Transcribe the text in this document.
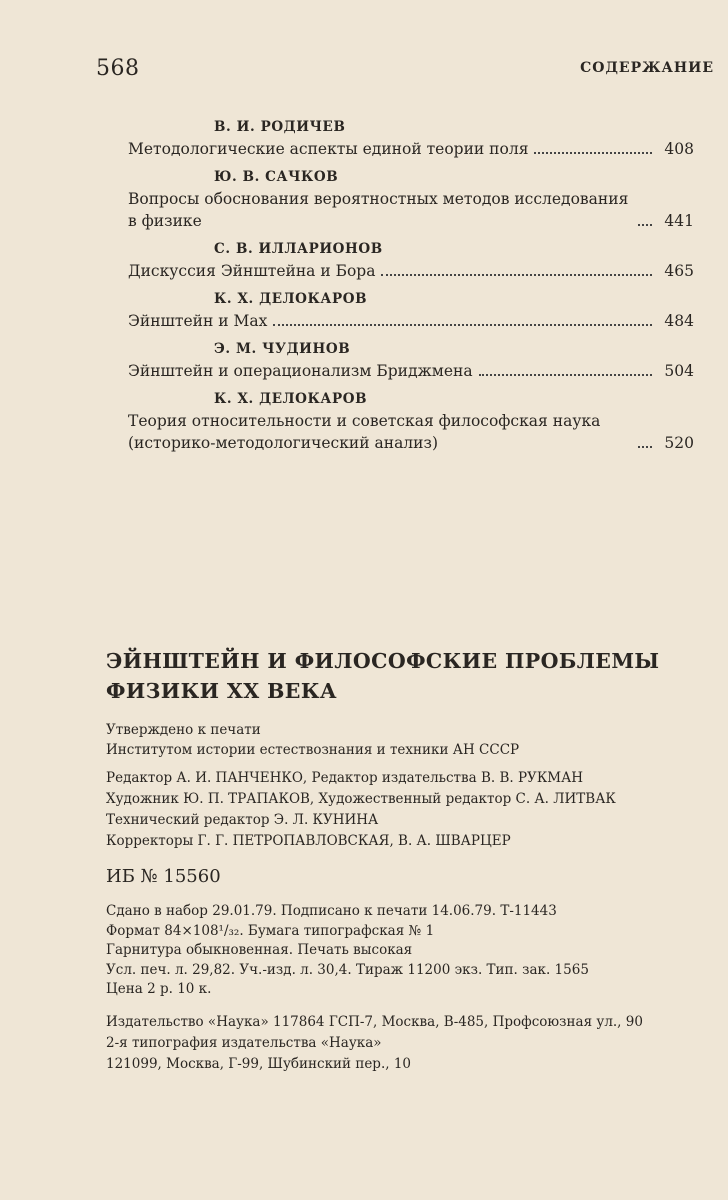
568	СОДЕРЖАНИЕ
В. И. РОДИЧЕВ
Методологические аспекты единой теории поля	408
Ю. В. САЧКОВ
Вопросы обоснования вероятностных методов исследования в физике	441
С. В. ИЛЛАРИОНОВ
Дискуссия Эйнштейна и Бора	465
К. Х. ДЕЛОКАРОВ
Эйнштейн и Мах	484
Э. М. ЧУДИНОВ
Эйнштейн и операционализм Бриджмена	504
К. Х. ДЕЛОКАРОВ
Теория относительности и советская философская наука (историко-методологический анализ)	520
ЭЙНШТЕЙН И ФИЛОСОФСКИЕ ПРОБЛЕМЫ
ФИЗИКИ XX ВЕКА
Утверждено к печати
Институтом истории естествознания и техники АН СССР
Редактор А. И. ПАНЧЕНКО, Редактор издательства В. В. РУКМАН
Художник Ю. П. ТРАПАКОВ, Художественный редактор С. А. ЛИТВАК
Технический редактор Э. Л. КУНИНА
Корректоры Г. Г. ПЕТРОПАВЛОВСКАЯ, В. А. ШВАРЦЕР
ИБ № 15560
Сдано в набор 29.01.79. Подписано к печати 14.06.79. Т-11443
Формат 84×108¹/₃₂. Бумага типографская № 1
Гарнитура обыкновенная. Печать высокая
Усл. печ. л. 29,82. Уч.-изд. л. 30,4. Тираж 11200 экз. Тип. зак. 1565
Цена 2 р. 10 к.
Издательство «Наука» 117864 ГСП-7, Москва, В-485, Профсоюзная ул., 90
2-я типография издательства «Наука»
121099, Москва, Г-99, Шубинский пер., 10
